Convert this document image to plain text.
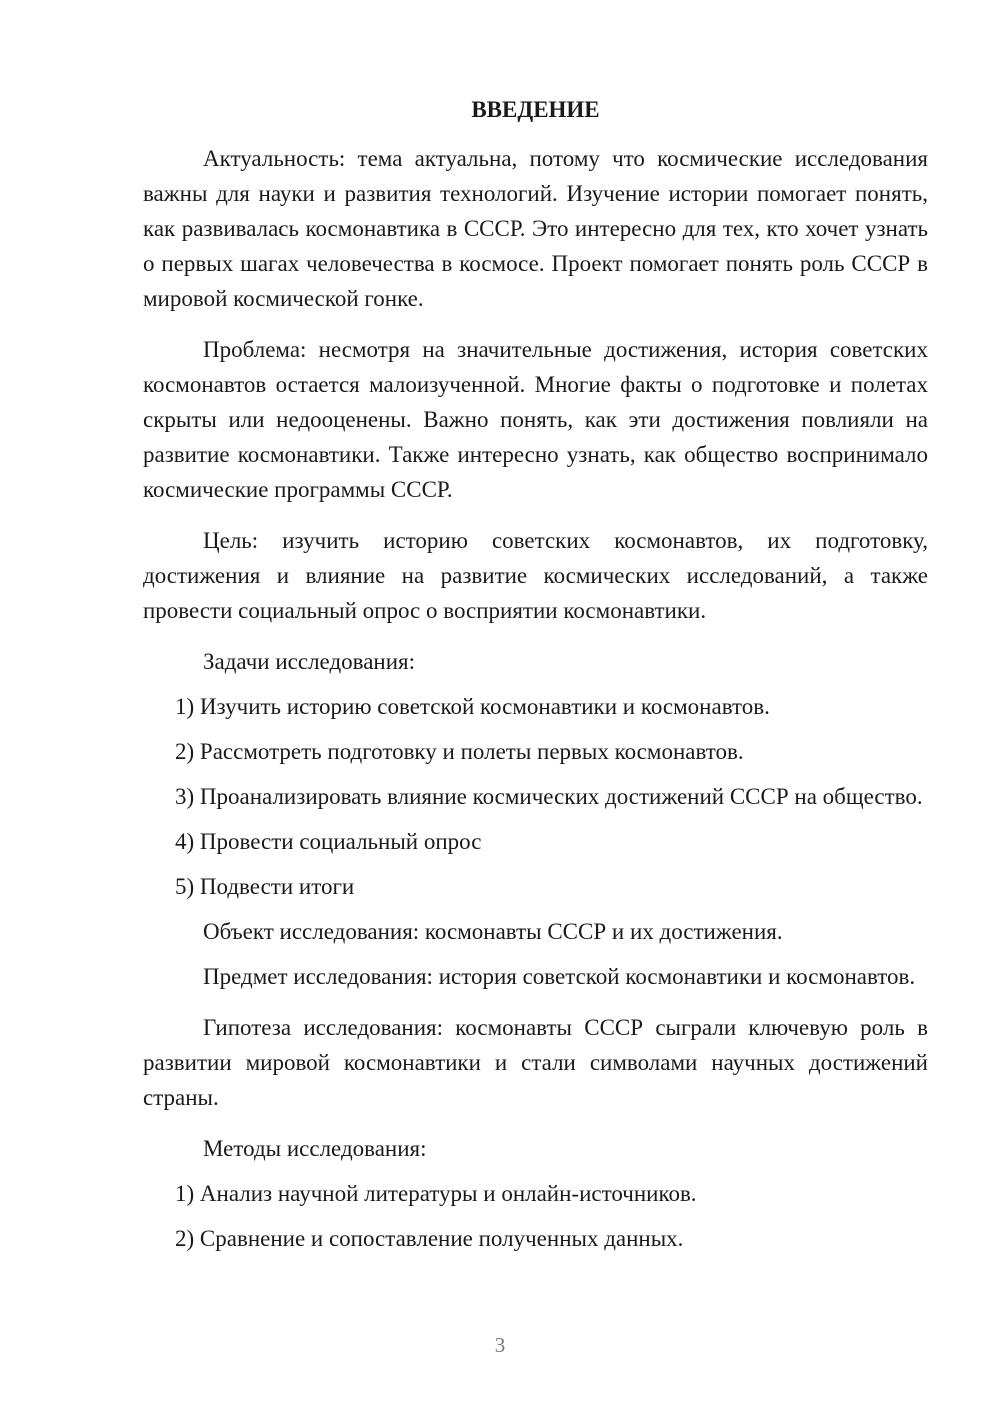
ВВЕДЕНИЕ

Актуальность: тема актуальна, потому что космические исследования важны для науки и развития технологий. Изучение истории помогает понять, как развивалась космонавтика в СССР. Это интересно для тех, кто хочет узнать о первых шагах человечества в космосе. Проект помогает понять роль СССР в мировой космической гонке.

Проблема: несмотря на значительные достижения, история советских космонавтов остается малоизученной. Многие факты о подготовке и полетах скрыты или недооценены. Важно понять, как эти достижения повлияли на развитие космонавтики. Также интересно узнать, как общество воспринимало космические программы СССР.

Цель: изучить историю советских космонавтов, их подготовку, достижения и влияние на развитие космических исследований, а также провести социальный опрос о восприятии космонавтики.

Задачи исследования:

1) Изучить историю советской космонавтики и космонавтов.

2) Рассмотреть подготовку и полеты первых космонавтов.

3) Проанализировать влияние космических достижений СССР на общество.

4) Провести социальный опрос

5) Подвести итоги

Объект исследования: космонавты СССР и их достижения.

Предмет исследования: история советской космонавтики и космонавтов.

Гипотеза исследования: космонавты СССР сыграли ключевую роль в развитии мировой космонавтики и стали символами научных достижений страны.

Методы исследования:

1) Анализ научной литературы и онлайн-источников.

2) Сравнение и сопоставление полученных данных.

3
